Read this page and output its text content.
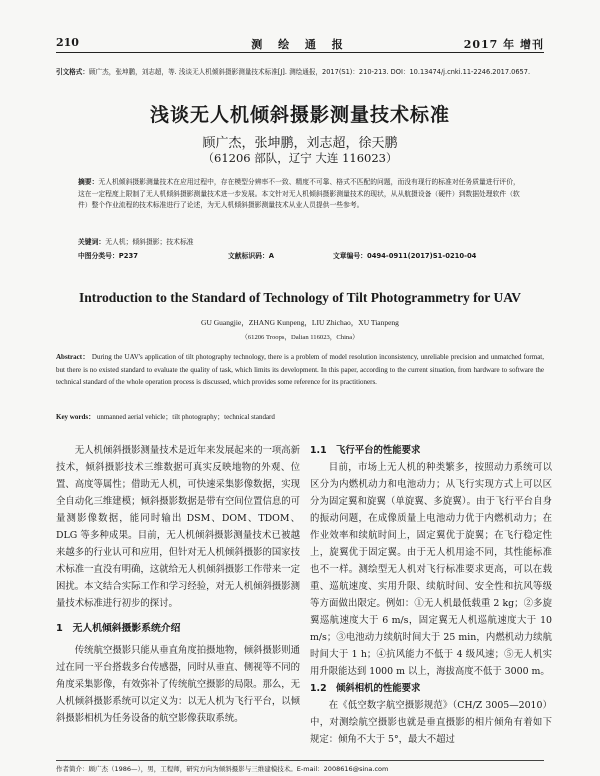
210	测 绘 通 报	2017 年 增刊
引文格式：顾广杰，张坤鹏，刘志超，等. 浅谈无人机倾斜摄影测量技术标准[J]. 测绘通报，2017(S1)：210-213. DOI：10.13474/j.cnki.11-2246.2017.0657.
浅谈无人机倾斜摄影测量技术标准
顾广杰，张坤鹏，刘志超，徐天鹏
（61206 部队，辽宁 大连 116023）
摘要：无人机倾斜摄影测量技术在应用过程中，存在模型分辨率不一致、精度不可靠、格式不匹配的问题，而没有现行的标准对任务质量进行评价，这在一定程度上限制了无人机倾斜摄影测量技术进一步发展。本文针对无人机倾斜摄影测量技术的现状，从从航摄设备（硬件）到数据处理软件（软件）整个作业流程的技术标准进行了论述，为无人机倾斜摄影测量技术从业人员提供一些参考。
关键词：无人机；倾斜摄影；技术标准
中图分类号：P237	文献标识码：A	文章编号：0494-0911(2017)S1-0210-04
Introduction to the Standard of Technology of Tilt Photogrammetry for UAV
GU Guangjie，ZHANG Kunpeng，LIU Zhichao，XU Tianpeng
（61206 Troops，Dalian 116023，China）
Abstract： During the UAV's application of tilt photography technology, there is a problem of model resolution inconsistency, unreliable precision and unmatched format, but there is no existed standard to evaluate the quality of task, which limits its development. In this paper, according to the current situation, from hardware to software the technical standard of the whole operation process is discussed, which provides some reference for its practitioners.
Key words： unmanned aerial vehicle；tilt photography；technical standard

无人机倾斜摄影测量技术是近年来发展起来的一项高新技术，倾斜摄影技术三维数据可真实反映地物的外观、位置、高度等属性；借助无人机，可快速采集影像数据，实现全自动化三维建模；倾斜摄影数据是带有空间位置信息的可量测影像数据，能同时输出 DSM、DOM、TDOM、DLG 等多种成果。目前，无人机倾斜摄影测量技术已被越来越多的行业认可和应用，但针对无人机倾斜摄影的国家技术标准一直没有明确，这就给无人机倾斜摄影工作带来一定困扰。本文结合实际工作和学习经验，对无人机倾斜摄影测量技术标准进行初步的探讨。

1　无人机倾斜摄影系统介绍

传统航空摄影只能从垂直角度拍摄地物，倾斜摄影则通过在同一平台搭载多台传感器，同时从垂直、侧视等不同的角度采集影像，有效弥补了传统航空摄影的局限。那么，无人机倾斜摄影系统可以定义为：以无人机为飞行平台，以倾斜摄影相机为任务设备的航空影像获取系统。

1.1　飞行平台的性能要求

目前，市场上无人机的种类繁多，按照动力系统可以区分为内燃机动力和电池动力；从飞行实现方式上可以区分为固定翼和旋翼（单旋翼、多旋翼）。由于飞行平台自身的振动问题，在成像质量上电池动力优于内燃机动力；在作业效率和续航时间上，固定翼优于旋翼；在飞行稳定性上，旋翼优于固定翼。由于无人机用途不同，其性能标准也不一样。测绘型无人机对飞行标准要求更高，可以在载重、巡航速度、实用升限、续航时间、安全性和抗风等级等方面做出限定。例如：①无人机最低载重 2 kg；②多旋翼巡航速度大于 6 m/s，固定翼无人机巡航速度大于 10 m/s；③电池动力续航时间大于 25 min，内燃机动力续航时间大于 1 h；④抗风能力不低于 4 级风速；⑤无人机实用升限能达到 1000 m 以上，海拔高度不低于 3000 m。

1.2　倾斜相机的性能要求

在《低空数字航空摄影规范》（CH/Z 3005—2010）中，对测绘航空摄影也就是垂直摄影的相片倾角有着如下规定：倾角不大于 5°，最大不超过

作者简介：顾广杰（1986—），男，工程师，研究方向为倾斜摄影与三维建模技术。E-mail：2008616@sina.com
